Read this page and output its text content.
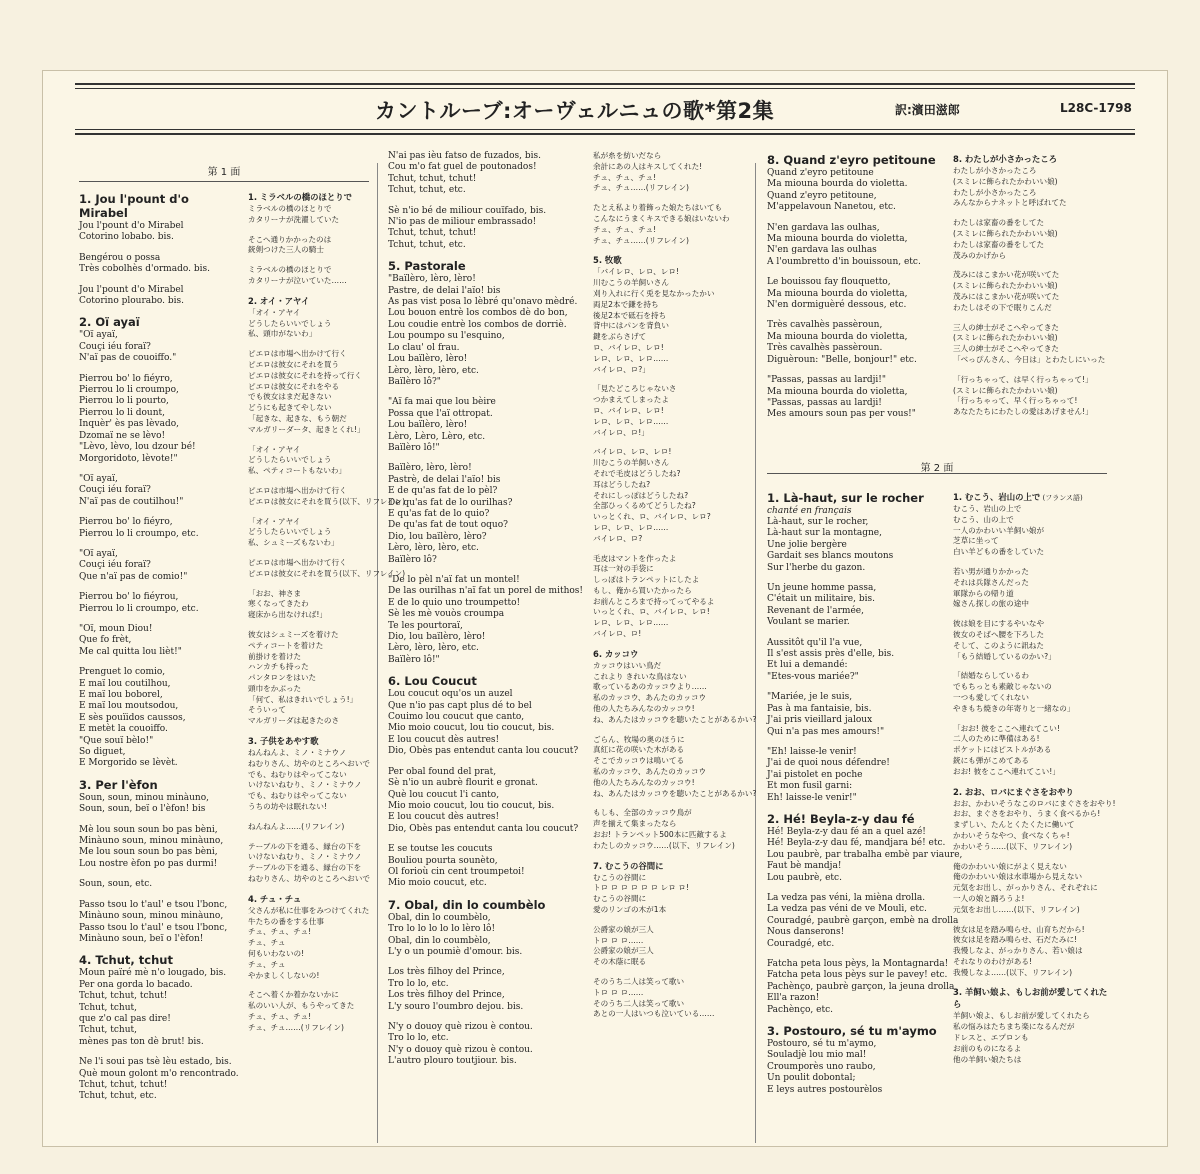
カントルーブ:オーヴェルニュの歌*第2集	訳:濱田滋郎	L28C-1798
第 1 面
1. Jou l'pount d'o Mirabel
Jou l'pount d'o Mirabel
Cotorino lobabo. bis.
Bengérou o possa
Très cobolhès d'ormado. bis.
Jou l'pount d'o Mirabel
Cotorino plourabo. bis.
2. Oï ayaï
"Oï ayaï,
Couçi iéu foraï?
N'aï pas de couoiffo."
Pierrou bo' lo fiéyro,
Pierrou lo li croumpo,
Pierrou lo li pourto,
Pierrou lo li dount,
Inquèr' ès pas lèvado,
Dzomaï ne se lèvo!
"Lèvo, lèvo, lou dzour bé!
Morgoridoto, lèvote!"
"Oï ayaï,
Couçi iéu foraï?
N'aï pas de coutilhou!"
Pierrou bo' lo fiéyro,
Pierrou lo li croumpo, etc.
"Oï ayaï,
Couçi iéu foraï?
Que n'aï pas de comio!"
Pierrou bo' lo fiéyrou,
Pierrou lo li croumpo, etc.
"Oï, moun Diou!
Que fo frèt,
Me cal quitta lou lièt!"
Prenguet lo comio,
E maï lou coutilhou,
E maï lou boborel,
E maï lou moutsodou,
E sès pouïidos caussos,
E metèt la couoiffo.
"Que souï bèlo!"
So diguet,
E Morgorido se lèvèt.
3. Per l'èfon
Soun, soun, minou minàuno,
Soun, soun, beï o l'èfon! bis
Mè lou soun soun bo pas bèni,
Minàuno soun, minou minàuno,
Me lou soun soun bo pas bèni,
Lou nostre èfon po pas durmi!
Soun, soun, etc.
Passo tsou lo t'aul' e tsou l'bonc,
Minàuno soun, minou minàuno,
Passo tsou lo t'aul' e tsou l'bonc,
Minàuno soun, beï o l'èfon!
4. Tchut, tchut
Moun païré mè n'o lougado, bis.
Per ona gorda lo bacado.
Tchut, tchut, tchut!
Tchut, tchut,
que z'o cal pas dire!
Tchut, tchut,
mènes pas ton dè brut! bis.
Ne l'i soui pas tsè lèu estado, bis.
Què moun golont m'o rencontrado.
Tchut, tchut, tchut!
Tchut, tchut, etc.
1. ミラベルの橋のほとりで
ミラベルの橋のほとりで
カタリーナが洗濯していた
そこへ通りかかったのは
銃剣つけた三人の騎士
ミラベルの橋のほとりで
カタリーナが泣いていた……
2. オイ・アヤイ
「オイ・アヤイ
どうしたらいいでしょう
私、頭巾がないわ」
ピエロは市場へ出かけて行く
ピエロは彼女にそれを買う
ピエロは彼女にそれを持って行く
ピエロは彼女にそれをやる
でも彼女はまだ起きない
どうにも起きてやしない
「起きな、起きな、もう朝だ
マルガリーダータ、起きとくれ!」
「オイ・アヤイ
どうしたらいいでしょう
私、ペティコートもないわ」
ピエロは市場へ出かけて行く
ピエロは彼女にそれを買う(以下、リフレイン)
「オイ・アヤイ
どうしたらいいでしょう
私、シュミーズもないわ」
ピエロは市場へ出かけて行く
ピエロは彼女にそれを買う(以下、リフレイン)
「おお、神さま
寒くなってきたわ
寝床から出なければ!」
彼女はシュミーズを着けた
ペティコートを着けた
前掛けを着けた
ハンカチも持った
パンタロンをはいた
頭巾をかぶった
「何て、私はきれいでしょう!」
そういって
マルガリーダは起きたのさ
3. 子供をあやす歌
ねんねんよ、ミノ・ミナウノ
ねむりさん、坊やのところへおいで
でも、ねむりはやってこない
いけないねむり、ミノ・ミナウノ
でも、ねむりはやってこない
うちの坊やは眠れない!
ねんねんよ……(リフレイン)
テーブルの下を通る、縁台の下を
いけないねむり、ミノ・ミナウノ
テーブルの下を通る、縁台の下を
ねむりさん、坊やのところへおいで
4. チュ・チュ
父さんが私に仕事をみつけてくれた
牛たちの番をする仕事
チュ、チュ、チュ!
チュ、チュ
何もいわないの!
チュ、チュ
やかましくしないの!
そこへ着くか着かないかに
私のいい人が、もうやってきた
チュ、チュ、チュ!
チュ、チュ……(リフレイン)
N'ai pas ièu fatso de fuzados, bis.
Cou m'o fat guel de poutonados!
Tchut, tchut, tchut!
Tchut, tchut, etc.
Sè n'io bé de miliour couïfado, bis.
N'io pas de miliour embrassado!
Tchut, tchut, tchut!
Tchut, tchut, etc.
5. Pastorale
"Baïlèro, lèro, lèro!
Pastre, de delai l'aïo! bis
As pas vist posa lo lèbré qu'onavo mèdré.
Lou bouon entrè los combos dè do bon,
Lou coudie entrè los combos de dorriè.
Lou poumpo su l'esquino,
Lo clau' ol frau.
Lou baïlèro, lèro!
Lèro, lèro, lèro, etc.
Baïlèro lô?"
"Aï fa mai que lou bèire
Possa que l'aï ottropat.
Lou baïlèro, lèro!
Lèro, Lèro, Lèro, etc.
Baïlèro lô!"
Baïlèro, lèro, lèro!
Pastrè, de delai l'aïo! bis
E de qu'as fat de lo pèl?
De qu'as fat de lo ourilhas?
E qu'as fat de lo quio?
De qu'as fat de tout oquo?
Dio, lou baïlèro, lèro?
Lèro, lèro, lèro, etc.
Baïlèro lô?
"De lo pèl n'aï fat un montel!
De las ourilhas n'aï fat un porel de mithos!
E de lo quio uno troumpetto!
Sè les mè vouòs croumpa
Te les pourtoraï,
Dio, lou baïlèro, lèro!
Lèro, lèro, lèro, etc.
Baïlèro lô!"
6. Lou Coucut
Lou coucut oqu'os un auzel
Que n'io pas capt plus dé to bel
Couimo lou coucut que canto,
Mio moio coucut, lou tio coucut, bis.
E lou coucut dès autres!
Dio, Obès pas entendut canta lou coucut?
Per obal found del prat,
Sè n'io un aubrè flourit e gronat.
Què lou coucut l'i canto,
Mio moio coucut, lou tio coucut, bis.
E lou coucut dès autres!
Dio, Obès pas entendut canta lou coucut?
E se toutse les coucuts
Bouliou pourta sounèto,
Ol forioù cin cent troumpetoi!
Mio moio coucut, etc.
7. Obal, din lo coumbèlo
Obal, din lo coumbèlo,
Tro lo lo lo lo lo lèro lô!
Obal, din lo coumbèlo,
L'y o un poumiè d'omour. bis.
Los très filhoy del Prince,
Tro lo lo, etc.
Los très filhoy del Prince,
L'y souro l'oumbro dejou. bis.
N'y o douoy què rizou è contou.
Tro lo lo, etc.
N'y o douoy què rizou è contou.
L'autro plouro toutjiour. bis.
私が糸を紡いだなら
余計にあの人はキスしてくれた!
チュ、チュ、チュ!
チュ、チュ……(リフレイン)
たとえ私より着飾った娘たちはいても
こんなにうまくキスできる娘はいないわ
チュ、チュ、チュ!
チュ、チュ……(リフレイン)
5. 牧歌
「バイレロ、レロ、レロ!
川むこうの羊飼いさん
刈り入れに行く兎を見なかったかい
両足2本で鎌を持ち
後足2本で砥石を持ち
背中にはパンを背負い
鍵をぶらさげて
ロ、バイレロ、レロ!
レロ、レロ、レロ……
バイレロ、ロ?」
「見たどころじゃないさ
つかまえてしまったよ
ロ、バイレロ、レロ!
レロ、レロ、レロ……
バイレロ、ロ!」
バイレロ、レロ、レロ!
川むこうの羊飼いさん
それで毛皮はどうしたね?
耳はどうしたね?
それにしっぽはどうしたね?
全部ひっくるめてどうしたね?
いっとくれ、ロ、バイレロ、レロ?
レロ、レロ、レロ……
バイレロ、ロ?
毛皮はマントを作ったよ
耳は一対の手袋に
しっぽはトランペットにしたよ
もし、俺から買いたかったら
お前んところまで持ってってやるよ
いっとくれ、ロ、バイレロ、レロ!
レロ、レロ、レロ……
バイレロ、ロ!
6. カッコウ
カッコウはいい鳥だ
これより きれいな鳥はない
歌っているあのカッコウより……
私のカッコウ、あんたのカッコウ
他の人たちみんなのカッコウ!
ね、あんたはカッコウを聴いたことがあるかい?
ごらん、牧場の奥のほうに
真紅に花の咲いた木がある
そこでカッコウは鳴いてる
私のカッコウ、あんたのカッコウ
他の人たちみんなのカッコウ!
ね、あんたはカッコウを聴いたことがあるかい?
もしも、全部のカッコウ鳥が
声を揃えて集まったなら
おお! トランペット500本に匹敵するよ
わたしのカッコウ……(以下、リフレイン)
7. むこうの谷間に
むこうの谷間に
トロ ロ ロ ロ ロ ロ レロ ロ!
むこうの谷間に
愛のリンゴの木が1本
公爵家の娘が三人
トロ ロ ロ……
公爵家の娘が三人
その木蔭に眠る
そのうち二人は笑って歌い
トロ ロ ロ……
そのうち二人は笑って歌い
あとの一人はいつも泣いている……
8. Quand z'eyro petitoune
Quand z'eyro petitoune
Ma miouna bourda do violetta.
Quand z'eyro petitoune,
M'appelavoun Nanetou, etc.
N'en gardava las oulhas,
Ma miouna bourda do violetta,
N'en gardava las oulhas
A l'oumbretto d'in bouissoun, etc.
Le bouissou fay flouquetto,
Ma miouna bourda do violetta,
N'en dormiguèré dessous, etc.
Très cavalhès passèroun,
Ma miouna bourda do violetta,
Très cavalhès passèroun.
Diguèroun: "Belle, bonjour!" etc.
"Passas, passas au lardji!"
Ma miouna bourda do violetta,
"Passas, passas au lardji!
Mes amours soun pas per vous!"
8. わたしが小さかったころ
わたしが小さかったころ
(スミレに飾られたかわいい娘)
わたしが小さかったころ
みんなからナネットと呼ばれてた
わたしは家畜の番をしてた
(スミレに飾られたかわいい娘)
わたしは家畜の番をしてた
茂みのかげから
茂みにはこまかい花が咲いてた
(スミレに飾られたかわいい娘)
茂みにはこまかい花が咲いてた
わたしはその下で眠りこんだ
三人の紳士がそこへやってきた
(スミレに飾られたかわいい娘)
三人の紳士がそこへやってきた
「べっぴんさん、今日は」とわたしにいった
「行っちゃって、は早く行っちゃって!」
(スミレに飾られたかわいい娘)
「行っちゃって、早く行っちゃって!
あなたたちにわたしの愛はあげません!」
第 2 面
1. Là-haut, sur le rocher
chanté en français
Là-haut, sur le rocher,
Là-haut sur la montagne,
Une jolie bergère
Gardait ses blancs moutons
Sur l'herbe du gazon.
Un jeune homme passa,
C'était un militaire, bis.
Revenant de l'armée,
Voulant se marier.
Aussitôt qu'il l'a vue,
Il s'est assis près d'elle, bis.
Et lui a demandé:
"Etes-vous mariée?"
"Mariée, je le suis,
Pas à ma fantaisie, bis.
J'ai pris vieillard jaloux
Qui n'a pas mes amours!"
"Eh! laisse-le venir!
J'ai de quoi nous défendre!
J'ai pistolet en poche
Et mon fusil garni:
Eh! laisse-le venir!"
2. Hé! Beyla-z-y dau fé
Hé! Beyla-z-y dau fé an a quel azé!
Hé! Beyla-z-y dau fé, mandjara bé! etc.
Lou paubrè, par trabalha embè par viaure,
Faut bè mandja!
Lou paubrè, etc.
La vedza pas véni, la mièna drolla.
La vedza pas véni de ve Mouli, etc.
Couradgé, paubrè garçon, embè na drolla
Nous danserons!
Couradgé, etc.
Fatcha peta lous pèys, la Montagnarda!
Fatcha peta lous pèys sur le pavey! etc.
Pachènço, paubrè garçon, la jeuna drolla
Ell'a razon!
Pachènço, etc.
3. Postouro, sé tu m'aymo
Postouro, sé tu m'aymo,
Souladjè lou mio mal!
Croumporès uno raubo,
Un poulit dobontal;
E leys autres postourèlos
1. むこう、岩山の上で (フランス語)
むこう、岩山の上で
むこう、山の上で
一人のかわいい羊飼い娘が
芝草に坐って
白い羊どもの番をしていた
若い男が通りかかった
それは兵隊さんだった
軍隊からの帰り道
嫁さん探しの旅の途中
彼は娘を目にするやいなや
彼女のそばへ腰を下ろした
そして、このように訊ねた
「もう結婚しているのかい?」
「結婚ならしているわ
でもちっとも素敵じゃないの
一つも愛してくれない
やきもち焼きの年寄りと一緒なの」
「おお! 彼をここへ連れてこい!
二人のために準備はある!
ポケットにはピストルがある
銃にも弾がこめてある
おお! 彼をここへ連れてこい!」
2. おお、ロバにまぐさをおやり
おお、かわいそうなこのロバにまぐさをおやり!
おお、まぐさをおやり、うまく食べるから!
まずしい、たんとくたくたに働いて
かわいそうなやつ、食べなくちゃ!
かわいそう……(以下、リフレイン)
俺のかわいい娘にがよく見えない
俺のかわいい娘は水車場から見えない
元気をお出し、がっかりさん、それぞれに
一人の娘と踊ろうよ!
元気をお出し……(以下、リフレイン)
彼女は足を踏み鳴らせ、山育ちだから!
彼女は足を踏み鳴らせ、石だたみに!
我慢しなよ、がっかりさん、若い娘は
それなりのわけがある!
我慢しなよ……(以下、リフレイン)
3. 羊飼い娘よ、もしお前が愛してくれたら
羊飼い娘よ、もしお前が愛してくれたら
私の悩みはたちまち楽になるんだが
ドレスと、エプロンも
お前のものになるよ
他の羊飼い娘たちは
